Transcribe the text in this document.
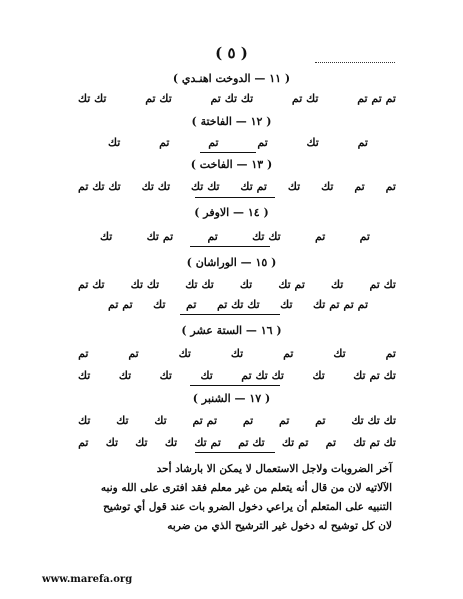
( ٥ )
( ١١ — الدوخت اهنـدي )
تم تم تم
تك تم
تك تك تم
تك تم
تك تك
( ١٢ — الفاختة )
تم
تك
تم
تم
تم
تك
( ١٣ — الفاخت )
تم
تم
تك
تك
تم تك
تك تك
تك تك
تك تك تم
( ١٤ — الاوفر )
تم
تم
تك تك
تم
تم تك
تك
( ١٥ — الوراشان )
تك تم
تك
تم تك
تك
تك تك
تك تك
تك تم
تم تم تم تك
تك
تك تك تم
تم
تك
تم تم
( ١٦ — الستة عشر )
تم
تك
تم
تك
تك
تم
تم
تك تم تك
تك
تك تك تم
تك
تك
تك
تك
( ١٧ — الشنبر )
تك تك تك
تم
تم
تم
تم تم
تك
تك
تك
تك تم تك
تم
تم تك
تك تم
تم تك
تك
تك
تك
تم
آخر الضروبات ولاجل الاستعمال لا يمكن الا بارشاد أحد
الآلاتيه لان من قال أنه يتعلم من غير معلم فقد افترى على الله ونبه
التنبيه على المتعلم أن يراعي دخول الضرو بات عند قول أي توشيح
لان كل توشيح له دخول غير الترشيح الذي من ضربه
www.marefa.org
